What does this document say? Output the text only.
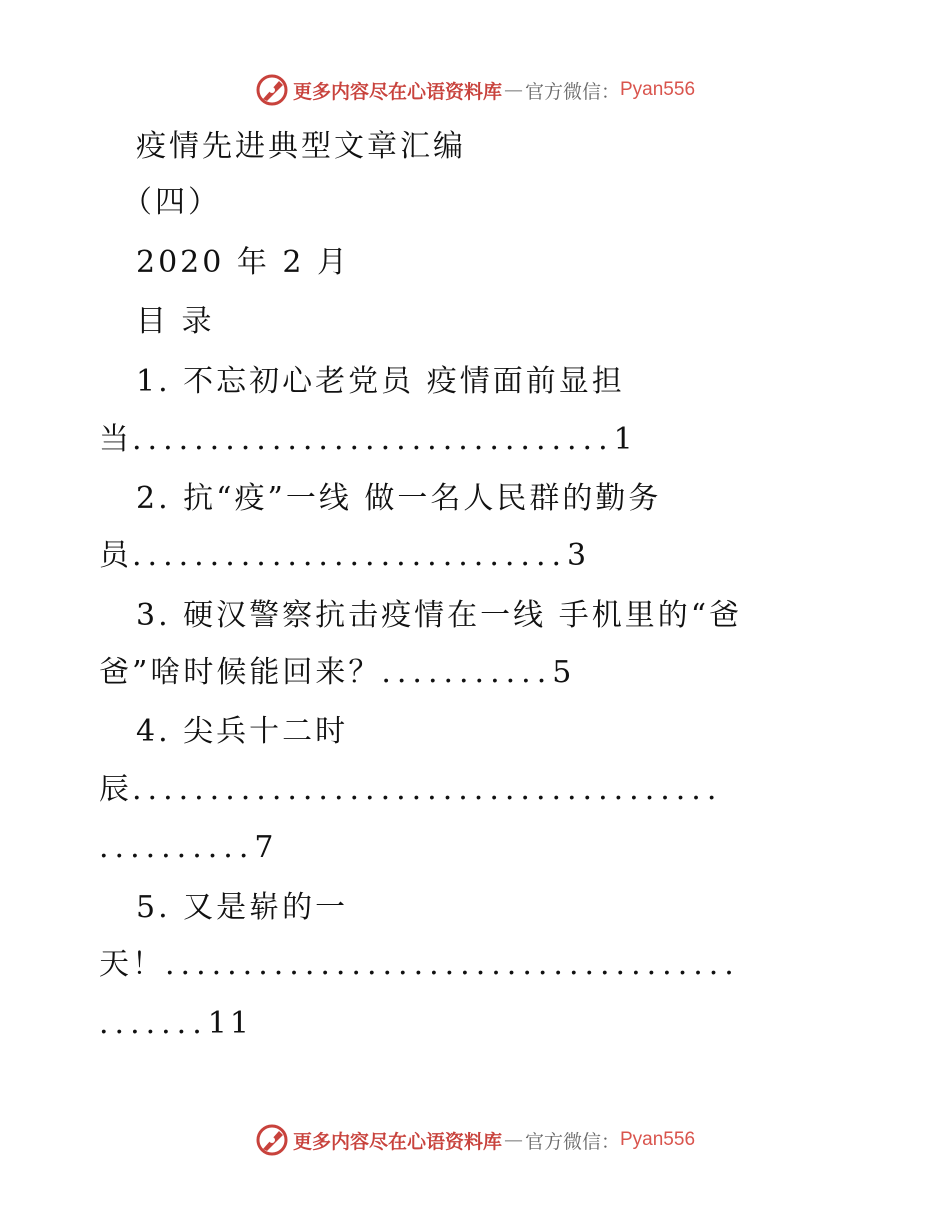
更多内容尽在心语资料库 — 官方微信： Pyan556
疫情先进典型文章汇编
（四）
2020 年 2 月
目 录
1. 不忘初心老党员 疫情面前显担
当...............................1
2. 抗“疫”一线 做一名人民群的勤务
员............................3
3. 硬汉警察抗击疫情在一线 手机里的“爸
爸”啥时候能回来？...........5
4. 尖兵十二时
辰......................................
..........7
5. 又是崭的一
天！.....................................
.......11
更多内容尽在心语资料库 — 官方微信： Pyan556
